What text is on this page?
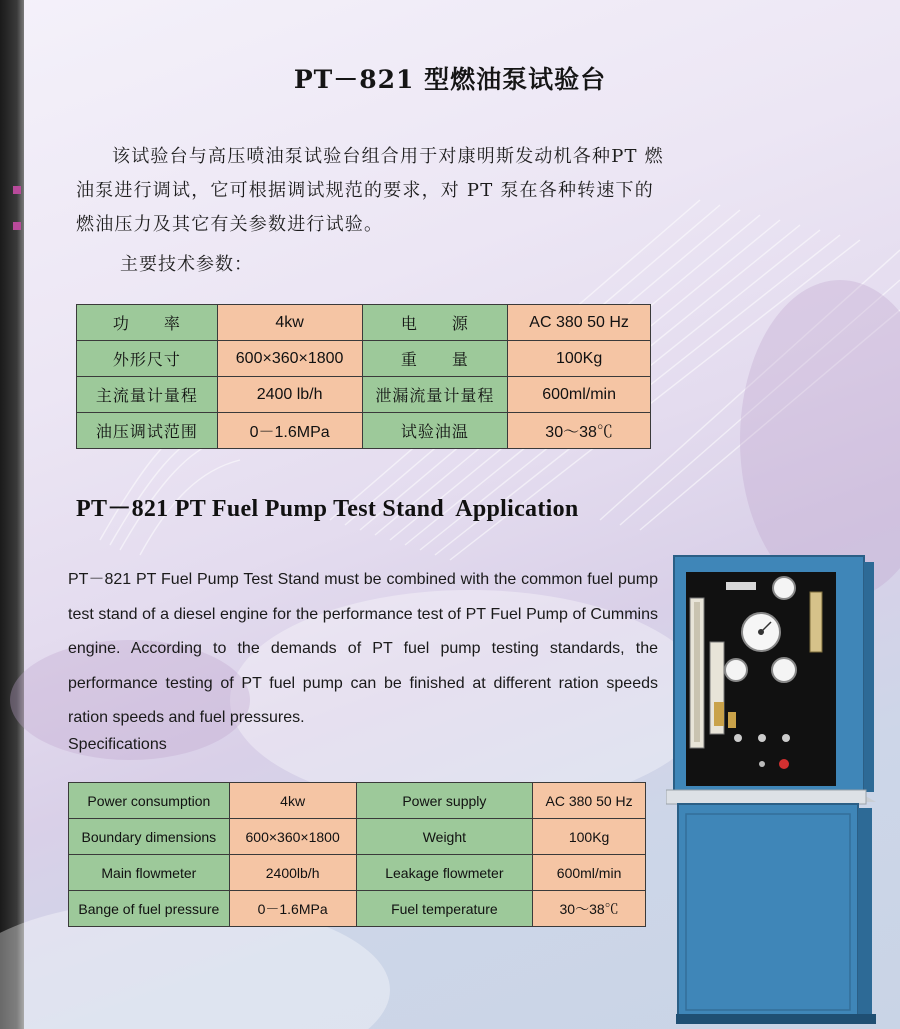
PT－821 型燃油泵试验台

该试验台与高压喷油泵试验台组合用于对康明斯发动机各种PT 燃油泵进行调试，它可根据调试规范的要求，对 PT 泵在各种转速下的燃油压力及其它有关参数进行试验。

主要技术参数：
功　　率	4kw	电　　源	AC 380 50 Hz
外形尺寸	600×360×1800	重　　量	100Kg
主流量计量程	2400 lb/h	泄漏流量计量程	600ml/min
油压调试范围	0－1.6MPa	试验油温	30～38℃
PT－821 PT Fuel Pump Test Stand  Application

PT－821 PT Fuel Pump Test Stand must be combined with the common fuel pump test stand of a diesel engine for the performance test of PT Fuel Pump of Cummins engine. According to the demands of PT fuel pump testing standards, the performance testing of PT fuel pump can be finished at different ration speeds ration speeds and fuel pressures.

Specifications
Power consumption	4kw	Power supply	AC 380 50 Hz
Boundary dimensions	600×360×1800	Weight	100Kg
Main flowmeter	2400lb/h	Leakage flowmeter	600ml/min
Bange of fuel pressure	0－1.6MPa	Fuel temperature	30～38℃
